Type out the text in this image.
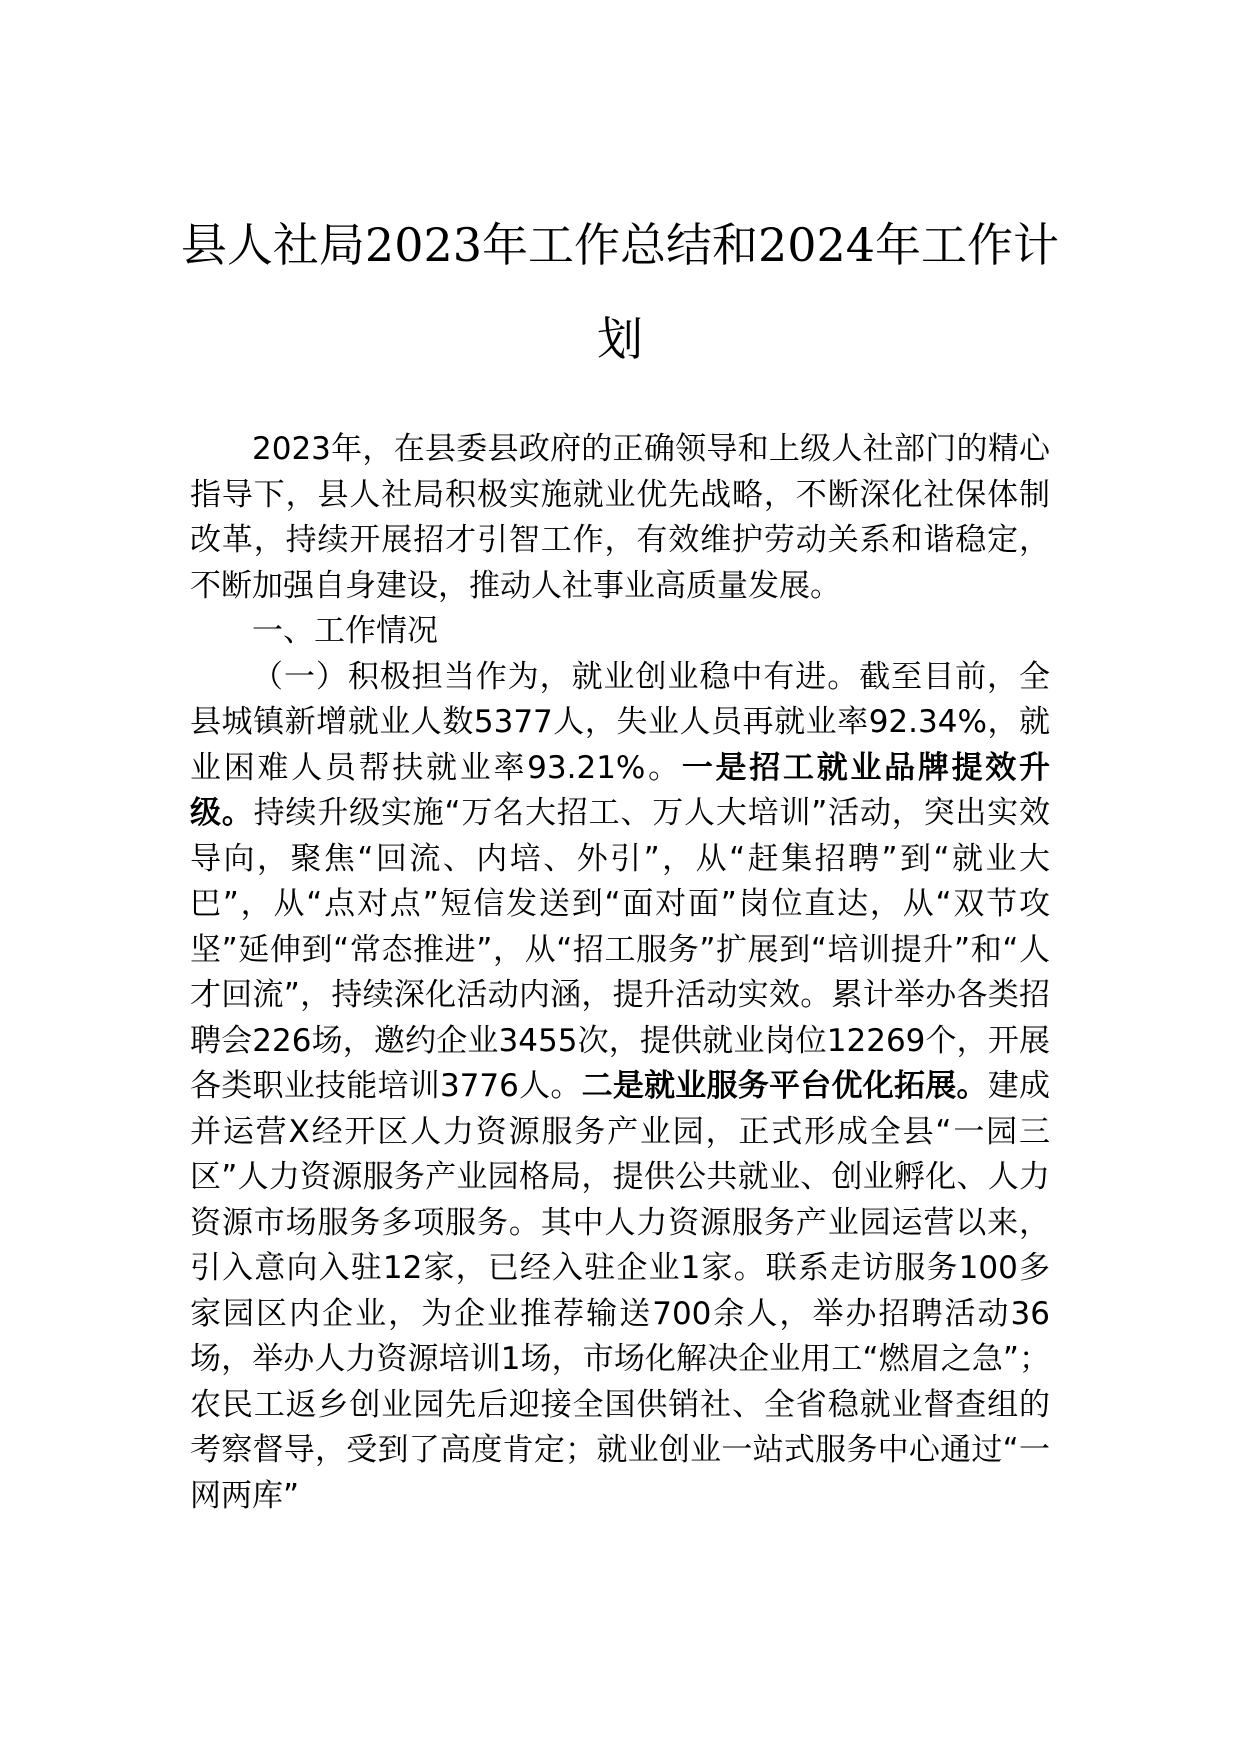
县人社局2023年工作总结和2024年工作计
划

2023年，在县委县政府的正确领导和上级人社部门的精心指导下，县人社局积极实施就业优先战略，不断深化社保体制改革，持续开展招才引智工作，有效维护劳动关系和谐稳定，不断加强自身建设，推动人社事业高质量发展。

一、工作情况

（一）积极担当作为，就业创业稳中有进。截至目前，全县城镇新增就业人数5377人，失业人员再就业率92.34%，就业困难人员帮扶就业率93.21%。一是招工就业品牌提效升级。持续升级实施“万名大招工、万人大培训”活动，突出实效导向，聚焦“回流、内培、外引”，从“赶集招聘”到“就业大巴”，从“点对点”短信发送到“面对面”岗位直达，从“双节攻坚”延伸到“常态推进”，从“招工服务”扩展到“培训提升”和“人才回流”，持续深化活动内涵，提升活动实效。累计举办各类招聘会226场，邀约企业3455次，提供就业岗位12269个，开展各类职业技能培训3776人。二是就业服务平台优化拓展。建成并运营X经开区人力资源服务产业园，正式形成全县“一园三区”人力资源服务产业园格局，提供公共就业、创业孵化、人力资源市场服务多项服务。其中人力资源服务产业园运营以来，引入意向入驻12家，已经入驻企业1家。联系走访服务100多家园区内企业，为企业推荐输送700余人，举办招聘活动36场，举办人力资源培训1场，市场化解决企业用工“燃眉之急”；农民工返乡创业园先后迎接全国供销社、全省稳就业督查组的考察督导，受到了高度肯定；就业创业一站式服务中心通过“一网两库”
